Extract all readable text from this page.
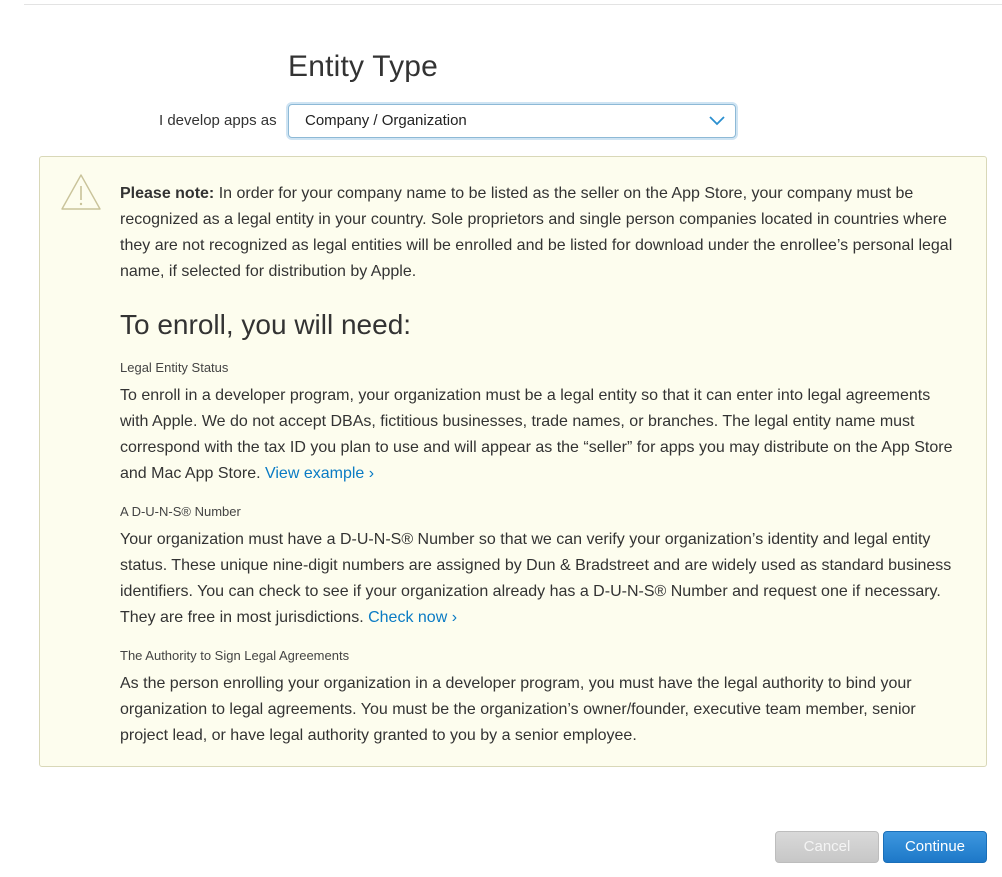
Entity Type
I develop apps as Company / Organization

Please note: In order for your company name to be listed as the seller on the App Store, your company must be recognized as a legal entity in your country. Sole proprietors and single person companies located in countries where they are not recognized as legal entities will be enrolled and be listed for download under the enrollee’s personal legal name, if selected for distribution by Apple.

To enroll, you will need:
Legal Entity Status

To enroll in a developer program, your organization must be a legal entity so that it can enter into legal agreements with Apple. We do not accept DBAs, fictitious businesses, trade names, or branches. The legal entity name must correspond with the tax ID you plan to use and will appear as the “seller” for apps you may distribute on the App Store and Mac App Store. View example ›

A D-U-N-S® Number

Your organization must have a D-U-N-S® Number so that we can verify your organization’s identity and legal entity status. These unique nine-digit numbers are assigned by Dun & Bradstreet and are widely used as standard business identifiers. You can check to see if your organization already has a D-U-N-S® Number and request one if necessary. They are free in most jurisdictions. Check now ›

The Authority to Sign Legal Agreements

As the person enrolling your organization in a developer program, you must have the legal authority to bind your organization to legal agreements. You must be the organization’s owner/founder, executive team member, senior project lead, or have legal authority granted to you by a senior employee.

Cancel	Continue
